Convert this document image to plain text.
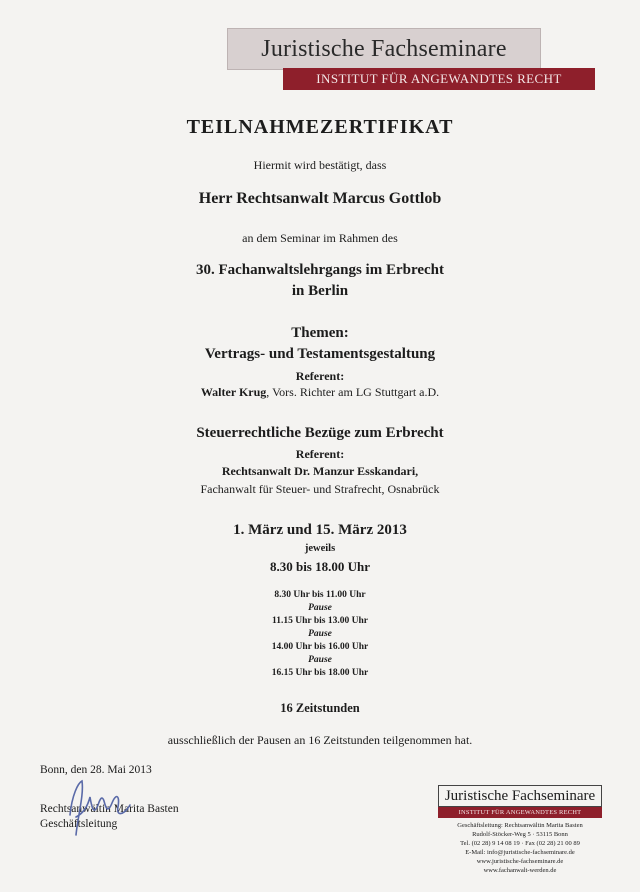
Juristische Fachseminare
INSTITUT FÜR ANGEWANDTES RECHT
TEILNAHMEZERTIFIKAT
Hiermit wird bestätigt, dass
Herr Rechtsanwalt Marcus Gottlob
an dem Seminar im Rahmen des
30. Fachanwaltslehrgangs im Erbrecht
in Berlin
Themen:
Vertrags- und Testamentsgestaltung
Referent:
Walter Krug, Vors. Richter am LG Stuttgart a.D.
Steuerrechtliche Bezüge zum Erbrecht
Referent:
Rechtsanwalt Dr. Manzur Esskandari,
Fachanwalt für Steuer- und Strafrecht, Osnabrück
1. März und 15. März 2013
jeweils
8.30 bis 18.00 Uhr
8.30 Uhr bis 11.00 Uhr
Pause
11.15 Uhr bis 13.00 Uhr
Pause
14.00 Uhr bis 16.00 Uhr
Pause
16.15 Uhr bis 18.00 Uhr
16 Zeitstunden
ausschließlich der Pausen an 16 Zeitstunden teilgenommen hat.
Bonn, den 28. Mai 2013
Rechtsanwältin Marita Basten
Geschäftsleitung
Juristische Fachseminare
INSTITUT FÜR ANGEWANDTES RECHT
Geschäftsleitung: Rechtsanwältin Marita Basten
Rudolf-Stöcker-Weg 5 · 53115 Bonn
Tel. (02 28) 9 14 08 19 · Fax (02 28) 21 00 89
E-Mail: info@juristische-fachseminare.de
www.juristische-fachseminare.de
www.fachanwalt-werden.de
